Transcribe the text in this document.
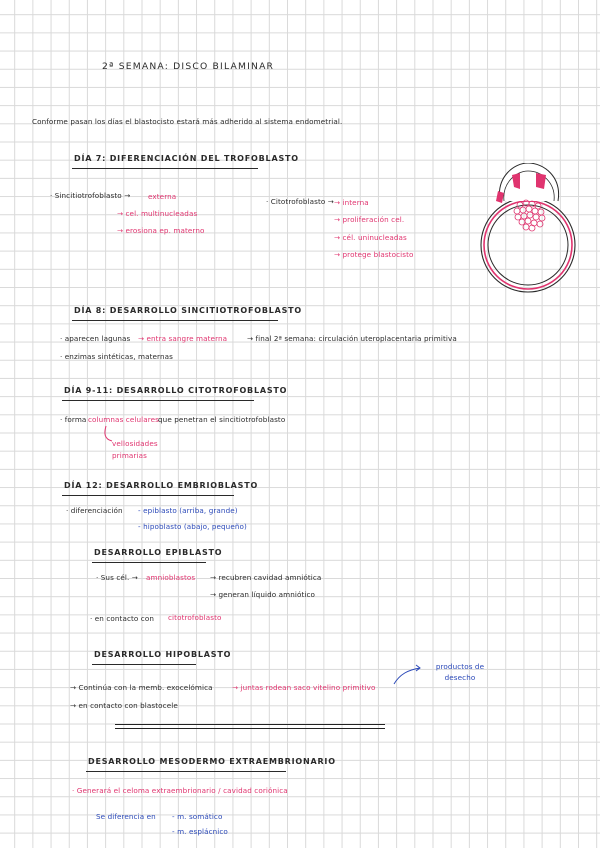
2ª SEMANA: DISCO BILAMINAR
Conforme pasan los días el blastocisto estará más adherido al sistema endometrial.
DÍA 7: DIFERENCIACIÓN DEL TROFOBLASTO
· Sincitiotrofoblasto → externa
→ cel. multinucleadas
→ erosiona ep. materno
· Citotrofoblasto → → interna
→ proliferación cel.
→ cél. uninucleadas
→ protege blastocisto
DÍA 8: DESARROLLO SINCITIOTROFOBLASTO
· aparecen lagunas → entra sangre materna	→ final 2ª semana: circulación uteroplacentaria primitiva
· enzimas sintéticas, maternas
DÍA 9-11: DESARROLLO CITOTROFOBLASTO
· forma columnas celulares que penetran el sincitiotrofoblasto
vellosidades primarias
DÍA 12: DESARROLLO EMBRIOBLASTO
· diferenciación - epiblasto (arriba, grande)
- hipoblasto (abajo, pequeño)
DESARROLLO EPIBLASTO
· Sus cél. → amnioblastos → recubren cavidad amniótica
→ generan líquido amniótico
· en contacto con citotrofoblasto
DESARROLLO HIPOBLASTO
productos de desecho
→ Continúa con la memb. exocelómica	→ juntas rodean saco vitelino primitivo
→ en contacto con blastocele
DESARROLLO MESODERMO EXTRAEMBRIONARIO
· Generará el celoma extraembrionario / cavidad coriónica
Se diferencia en - m. somático
- m. esplácnico
